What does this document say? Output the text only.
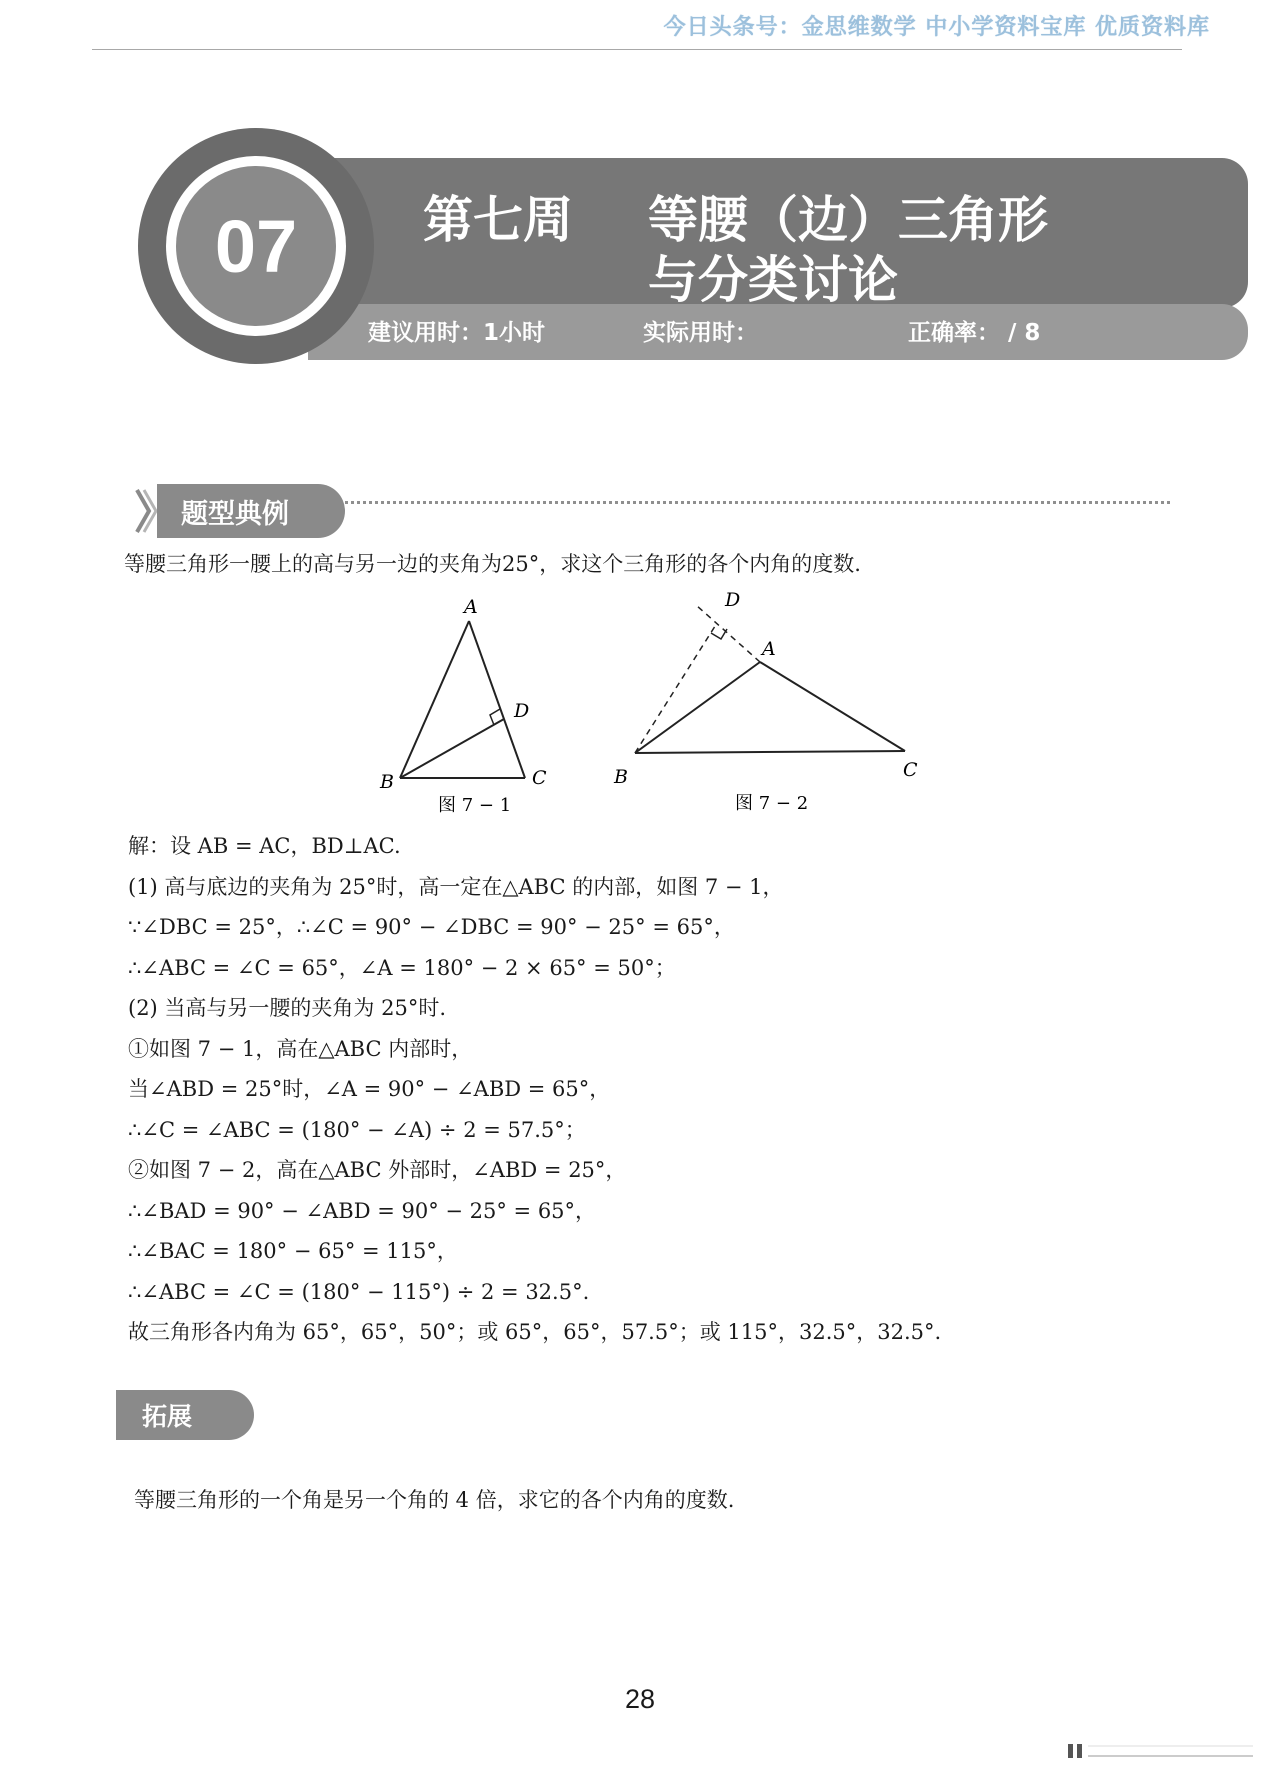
今日头条号：金思维数学 中小学资料宝库 优质资料库
07	第七周 等腰（边）三角形
与分类讨论
建议用时：1小时	实际用时：	正确率： / 8
题型典例
等腰三角形一腰上的高与另一边的夹角为25°，求这个三角形的各个内角的度数.
A
B	C
D
图 7 − 1
A
B	C
D
图 7 − 2
解：设 AB = AC，BD⊥AC.
(1) 高与底边的夹角为 25°时，高一定在△ABC 的内部，如图 7 − 1，
∵∠DBC = 25°，∴∠C = 90° − ∠DBC = 90° − 25° = 65°，
∴∠ABC = ∠C = 65°，∠A = 180° − 2 × 65° = 50°；
(2) 当高与另一腰的夹角为 25°时.
①如图 7 − 1，高在△ABC 内部时，
当∠ABD = 25°时，∠A = 90° − ∠ABD = 65°，
∴∠C = ∠ABC = (180° − ∠A) ÷ 2 = 57.5°；
②如图 7 − 2，高在△ABC 外部时，∠ABD = 25°，
∴∠BAD = 90° − ∠ABD = 90° − 25° = 65°，
∴∠BAC = 180° − 65° = 115°，
∴∠ABC = ∠C = (180° − 115°) ÷ 2 = 32.5°.
故三角形各内角为 65°，65°，50°；或 65°，65°，57.5°；或 115°，32.5°，32.5°.
拓展
等腰三角形的一个角是另一个角的 4 倍，求它的各个内角的度数.
28
